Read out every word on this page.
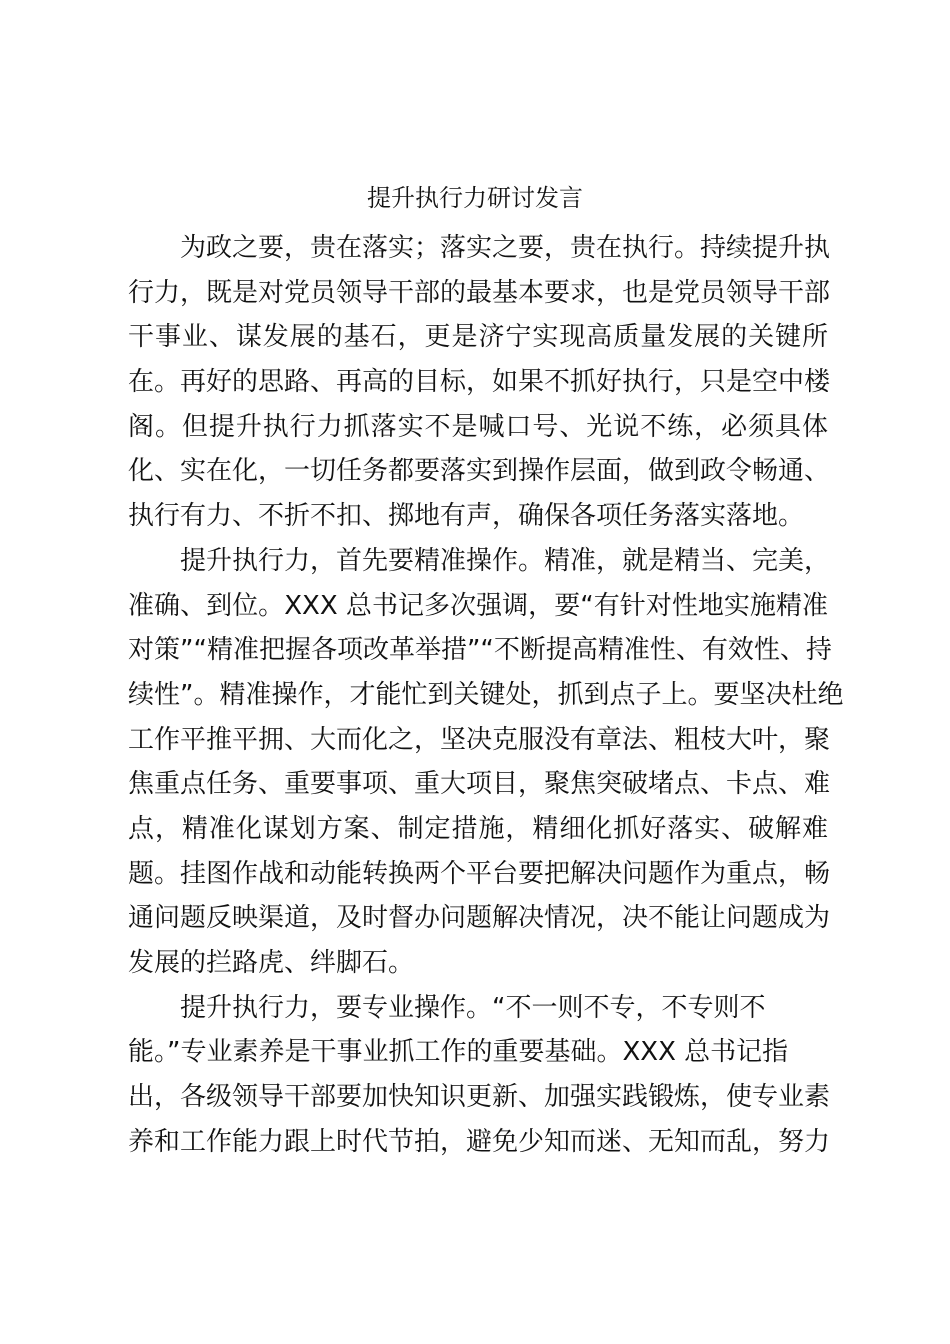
提升执行力研讨发言
为政之要，贵在落实；落实之要，贵在执行。持续提升执
行力，既是对党员领导干部的最基本要求，也是党员领导干部
干事业、谋发展的基石，更是济宁实现高质量发展的关键所
在。再好的思路、再高的目标，如果不抓好执行，只是空中楼
阁。但提升执行力抓落实不是喊口号、光说不练，必须具体
化、实在化，一切任务都要落实到操作层面，做到政令畅通、
执行有力、不折不扣、掷地有声，确保各项任务落实落地。
提升执行力，首先要精准操作。精准，就是精当、完美，
准确、到位。XXX 总书记多次强调，要“有针对性地实施精准
对策”“精准把握各项改革举措”“不断提高精准性、有效性、持
续性”。精准操作，才能忙到关键处，抓到点子上。要坚决杜绝
工作平推平拥、大而化之，坚决克服没有章法、粗枝大叶，聚
焦重点任务、重要事项、重大项目，聚焦突破堵点、卡点、难
点，精准化谋划方案、制定措施，精细化抓好落实、破解难
题。挂图作战和动能转换两个平台要把解决问题作为重点，畅
通问题反映渠道，及时督办问题解决情况，决不能让问题成为
发展的拦路虎、绊脚石。
提升执行力，要专业操作。“不一则不专，不专则不
能。”专业素养是干事业抓工作的重要基础。XXX 总书记指
出，各级领导干部要加快知识更新、加强实践锻炼，使专业素
养和工作能力跟上时代节拍，避免少知而迷、无知而乱，努力
